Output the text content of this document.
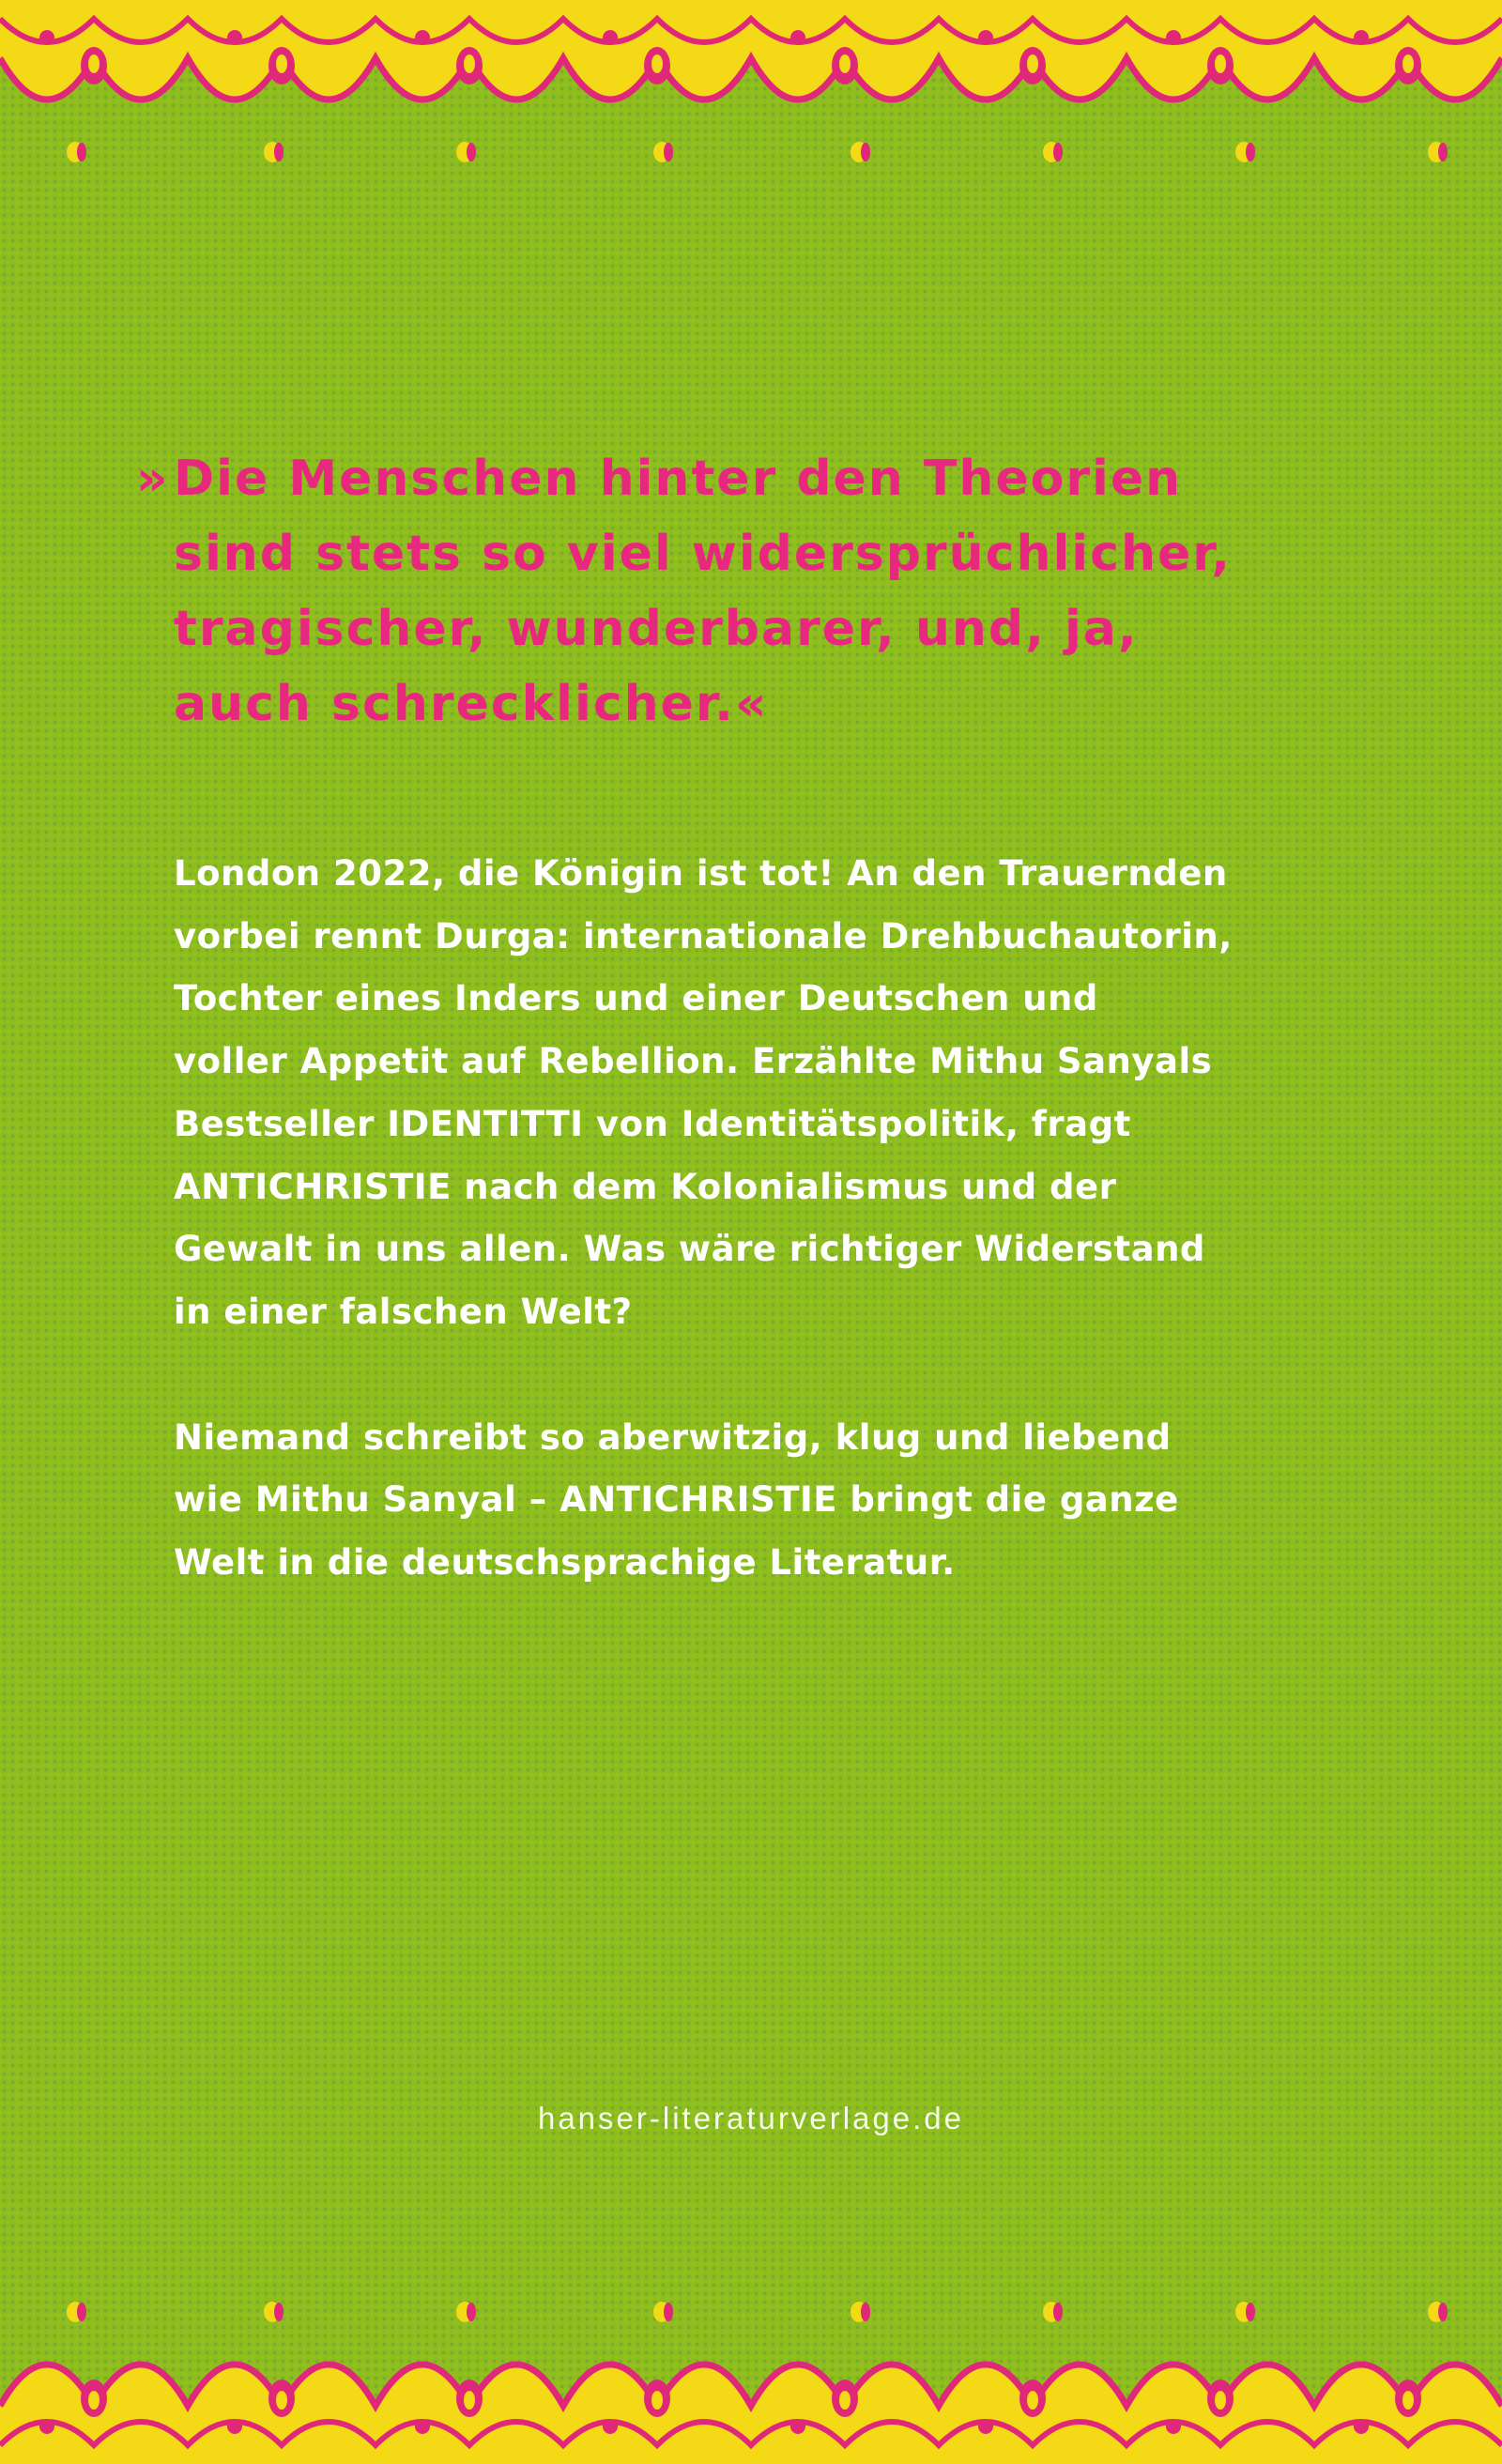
»Die Menschen hinter den Theorien
sind stets so viel widersprüchlicher,
tragischer, wunderbarer, und, ja,
auch schrecklicher.«

London 2022, die Königin ist tot! An den Trauernden
vorbei rennt Durga: internationale Drehbuchautorin,
Tochter eines Inders und einer Deutschen und
voller Appetit auf Rebellion. Erzählte Mithu Sanyals
Bestseller IDENTITTI von Identitätspolitik, fragt
ANTICHRISTIE nach dem Kolonialismus und der
Gewalt in uns allen. Was wäre richtiger Widerstand
in einer falschen Welt?
Niemand schreibt so aberwitzig, klug und liebend
wie Mithu Sanyal – ANTICHRISTIE bringt die ganze
Welt in die deutschsprachige Literatur.
hanser-literaturverlage.de
